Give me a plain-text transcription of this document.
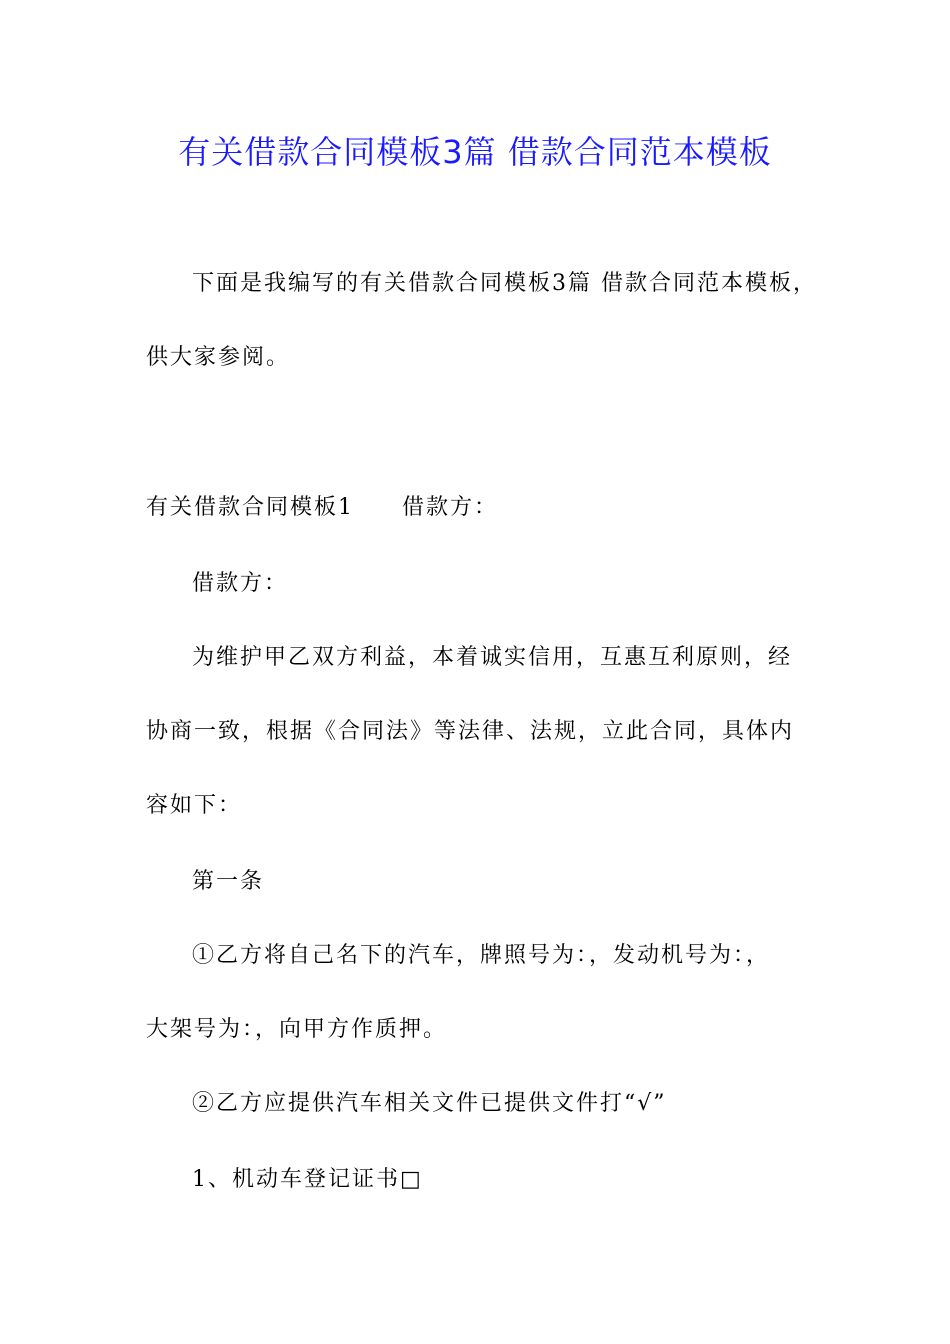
有关借款合同模板3篇 借款合同范本模板
下面是我编写的有关借款合同模板3篇 借款合同范本模板，
供大家参阅。
有关借款合同模板1 借款方：
借款方：
为维护甲乙双方利益，本着诚实信用，互惠互利原则，经
协商一致，根据《合同法》等法律、法规，立此合同，具体内
容如下：
第一条
①乙方将自己名下的汽车，牌照号为：，发动机号为：，
大架号为：，向甲方作质押。
②乙方应提供汽车相关文件已提供文件打“√”
1、机动车登记证书□
